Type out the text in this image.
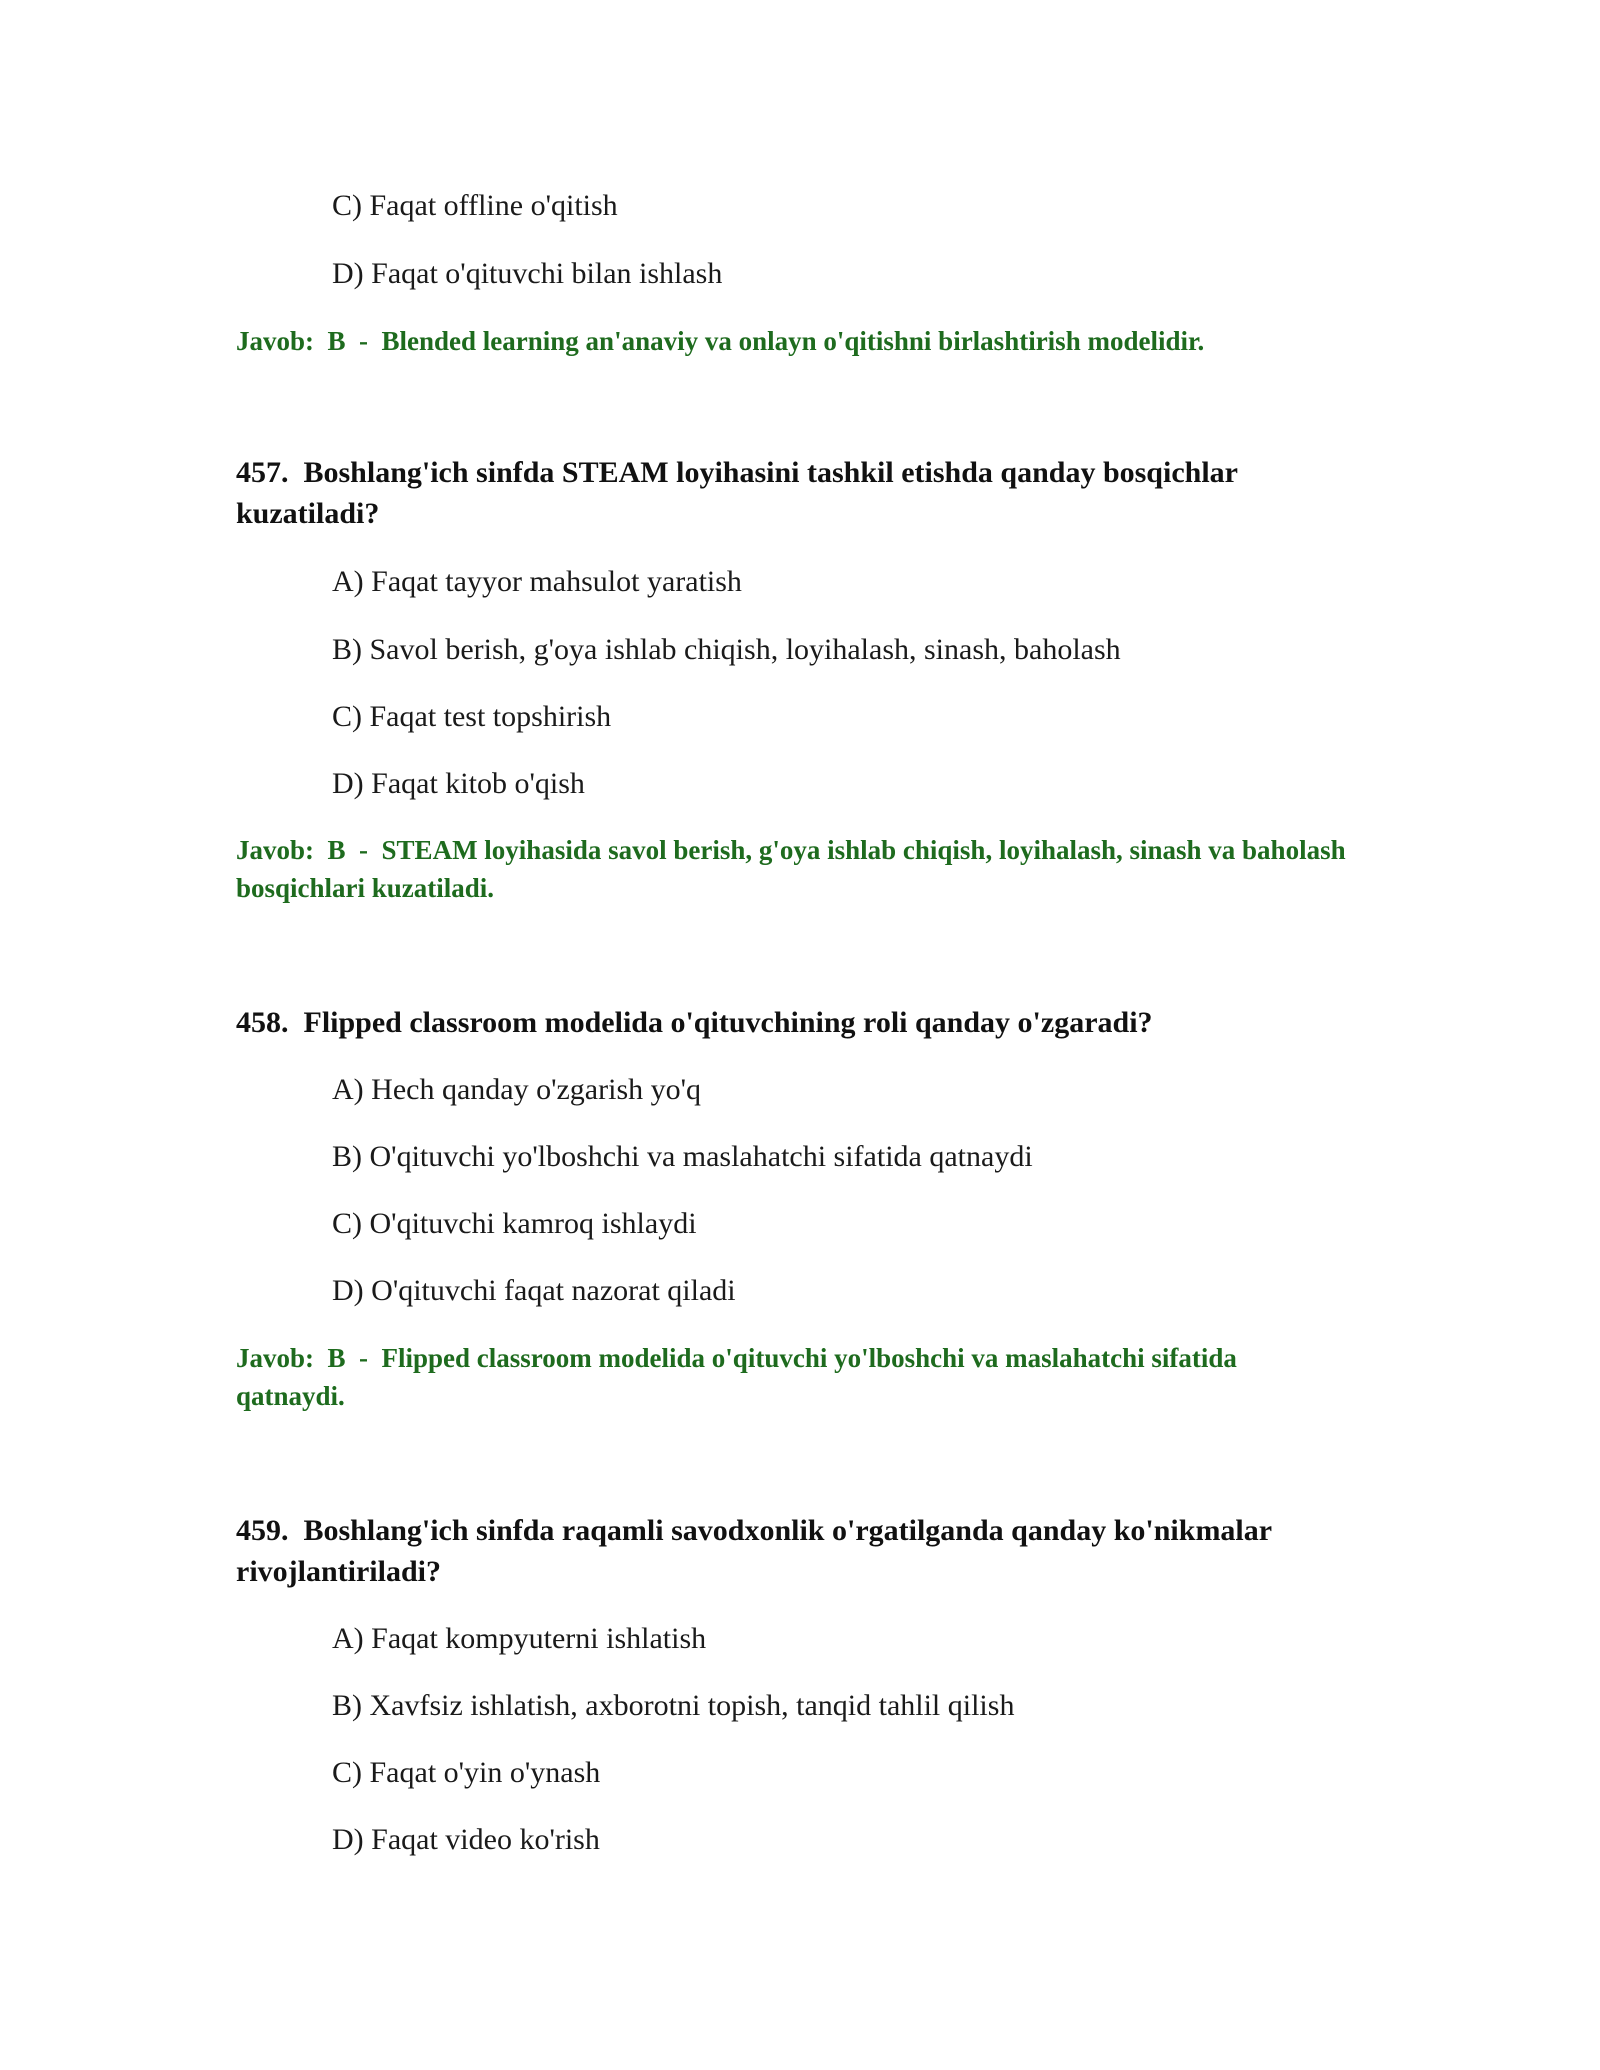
C) Faqat offline o'qitish
D) Faqat o'qituvchi bilan ishlash
Javob: B  -  Blended learning an'anaviy va onlayn o'qitishni birlashtirish modelidir.
457. Boshlang'ich sinfda STEAM loyihasini tashkil etishda qanday bosqichlar kuzatiladi?
A) Faqat tayyor mahsulot yaratish
B) Savol berish, g'oya ishlab chiqish, loyihalash, sinash, baholash
C) Faqat test topshirish
D) Faqat kitob o'qish
Javob: B  -  STEAM loyihasida savol berish, g'oya ishlab chiqish, loyihalash, sinash va baholash bosqichlari kuzatiladi.
458. Flipped classroom modelida o'qituvchining roli qanday o'zgaradi?
A) Hech qanday o'zgarish yo'q
B) O'qituvchi yo'lboshchi va maslahatchi sifatida qatnaydi
C) O'qituvchi kamroq ishlaydi
D) O'qituvchi faqat nazorat qiladi
Javob: B  -  Flipped classroom modelida o'qituvchi yo'lboshchi va maslahatchi sifatida qatnaydi.
459. Boshlang'ich sinfda raqamli savodxonlik o'rgatilganda qanday ko'nikmalar rivojlantiriladi?
A) Faqat kompyuterni ishlatish
B) Xavfsiz ishlatish, axborotni topish, tanqid tahlil qilish
C) Faqat o'yin o'ynash
D) Faqat video ko'rish
